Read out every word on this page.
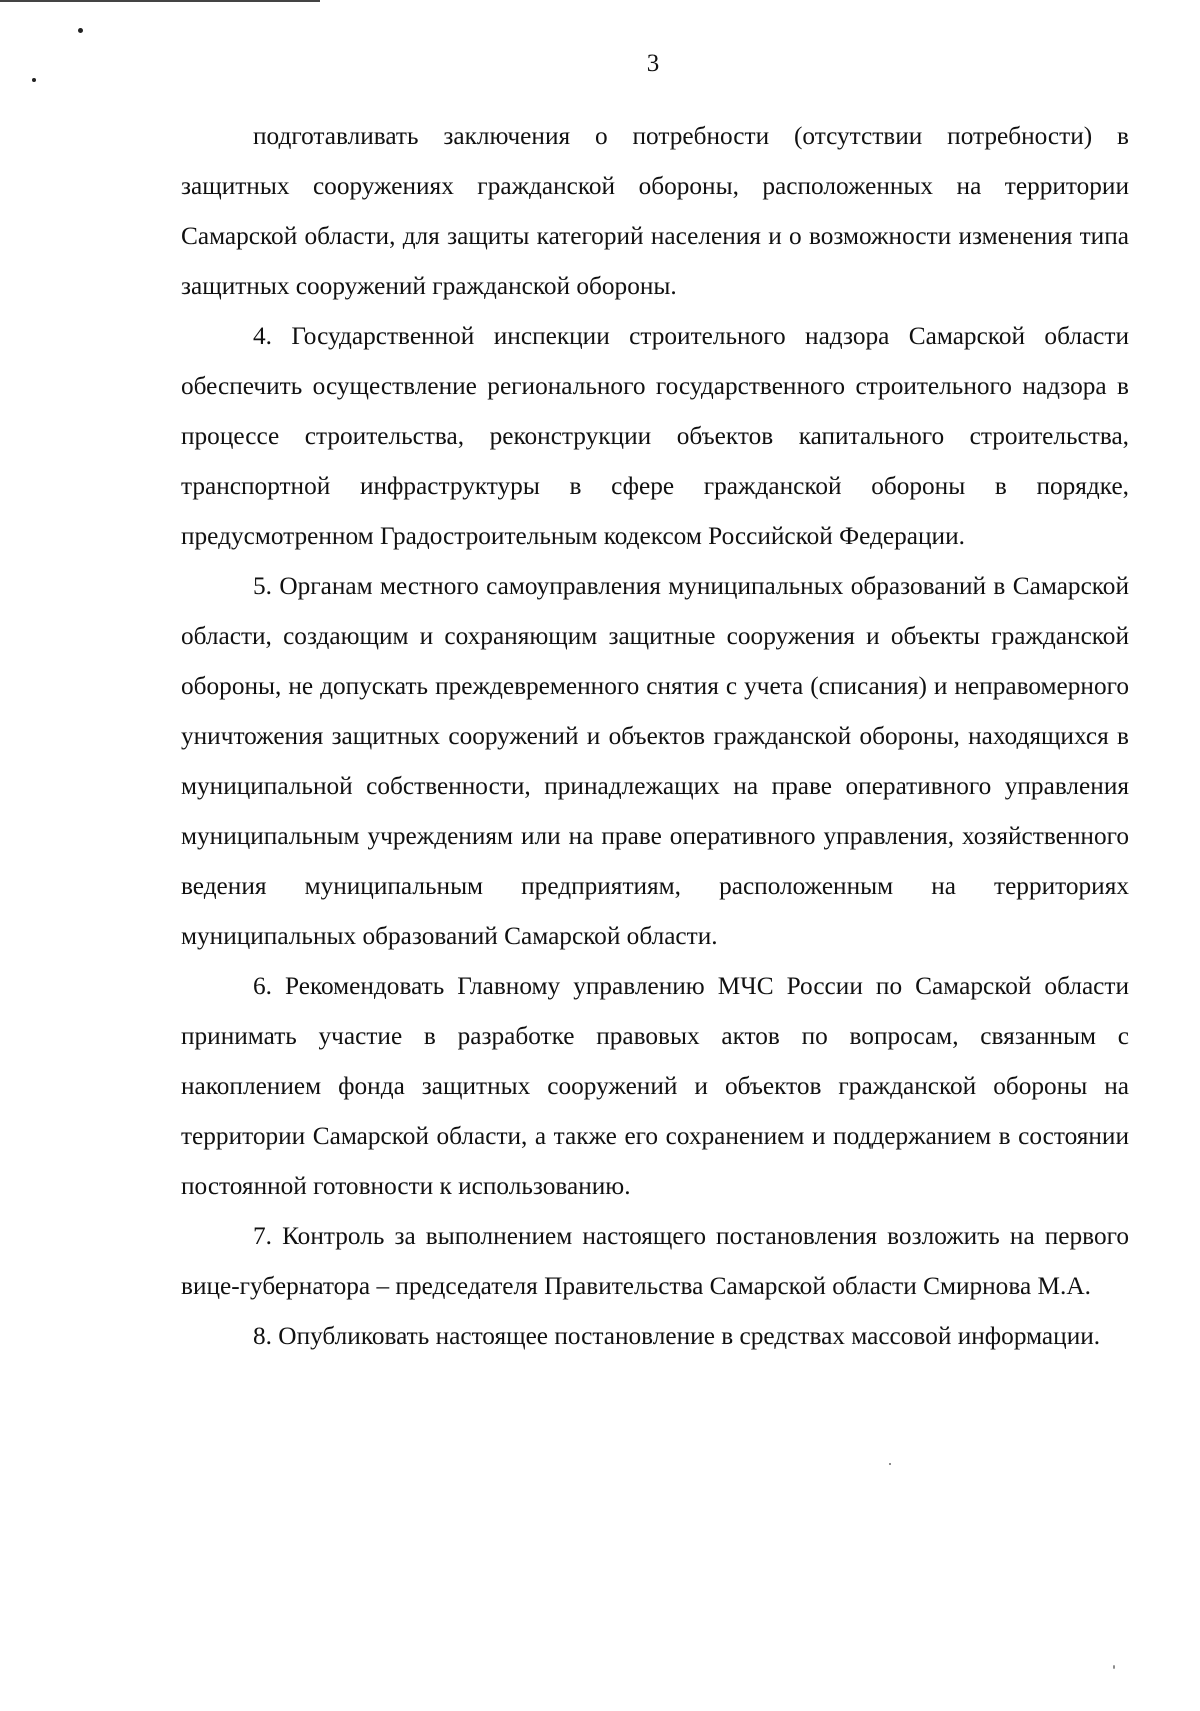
3

подготавливать заключения о потребности (отсутствии потребности) в защитных сооружениях гражданской обороны, расположенных на территории Самарской области, для защиты категорий населения и о возможности изменения типа защитных сооружений гражданской обороны.

4. Государственной инспекции строительного надзора Самарской области обеспечить осуществление регионального государственного строительного надзора в процессе строительства, реконструкции объектов капитального строительства, транспортной инфраструктуры в сфере гражданской обороны в порядке, предусмотренном Градостроительным кодексом Российской Федерации.

5. Органам местного самоуправления муниципальных образований в Самарской области, создающим и сохраняющим защитные сооружения и объекты гражданской обороны, не допускать преждевременного снятия с учета (списания) и неправомерного уничтожения защитных сооружений и объектов гражданской обороны, находящихся в муниципальной собственности, принадлежащих на праве оперативного управления муниципальным учреждениям или на праве оперативного управления, хозяйственного ведения муниципальным предприятиям, расположенным на территориях муниципальных образований Самарской области.

6. Рекомендовать Главному управлению МЧС России по Самарской области принимать участие в разработке правовых актов по вопросам, связанным с накоплением фонда защитных сооружений и объектов гражданской обороны на территории Самарской области, а также его сохранением и поддержанием в состоянии постоянной готовности к использованию.

7. Контроль за выполнением настоящего постановления возложить на первого вице-губернатора – председателя Правительства Самарской области Смирнова М.А.

8. Опубликовать настоящее постановление в средствах массовой информации.
